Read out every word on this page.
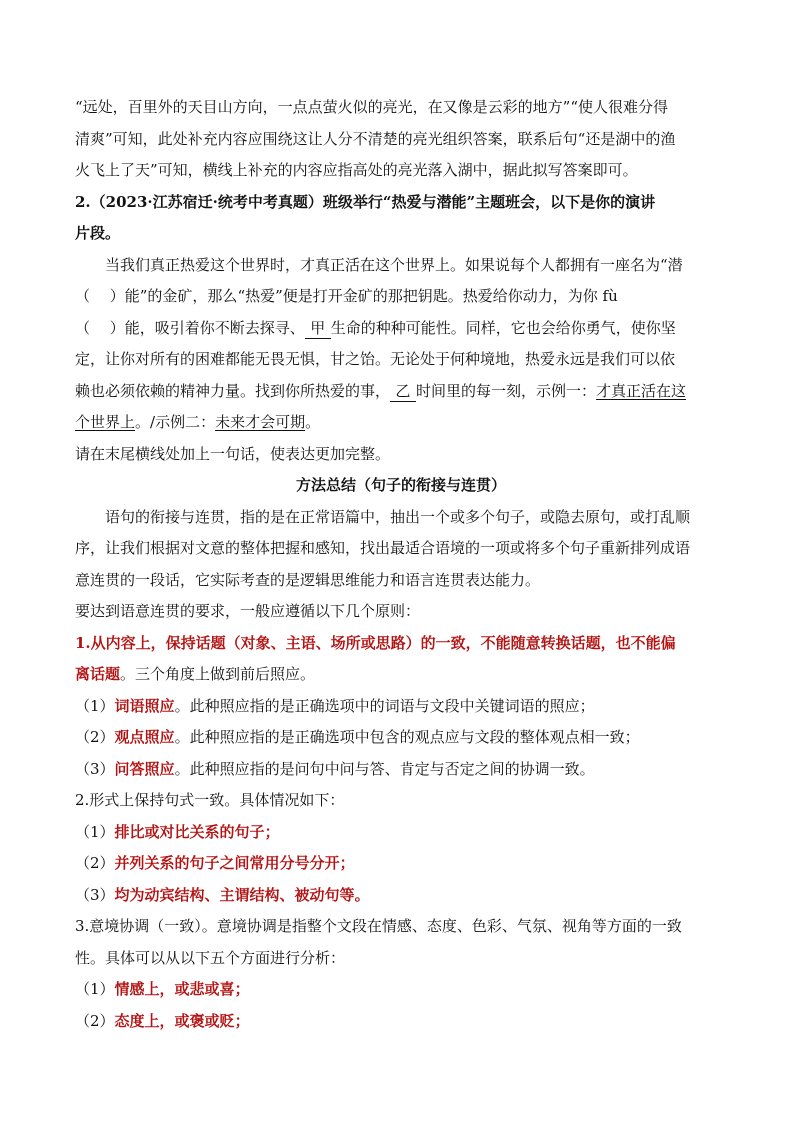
“远处，百里外的天目山方向，一点点萤火似的亮光，在又像是云彩的地方”“使人很难分得

清爽”可知，此处补充内容应围绕这让人分不清楚的亮光组织答案，联系后句“还是湖中的渔

火飞上了天”可知，横线上补充的内容应指高处的亮光落入湖中，据此拟写答案即可。

2.（2023·江苏宿迁·统考中考真题）班级举行“热爱与潜能”主题班会，以下是你的演讲

片段。

当我们真正热爱这个世界时，才真正活在这个世界上。如果说每个人都拥有一座名为“潜

（　 ）能”的金矿，那么“热爱”便是打开金矿的那把钥匙。热爱给你动力，为你 fù

（　 ）能，吸引着你不断去探寻、 甲 生命的种种可能性。同样，它也会给你勇气，使你坚

定，让你对所有的困难都能无畏无惧，甘之饴。无论处于何种境地，热爱永远是我们可以依

赖也必须依赖的精神力量。找到你所热爱的事， 乙 时间里的每一刻，示例一：才真正活在这

个世界上。/示例二：未来才会可期。

请在末尾横线处加上一句话，使表达更加完整。

方法总结（句子的衔接与连贯）

语句的衔接与连贯，指的是在正常语篇中，抽出一个或多个句子，或隐去原句，或打乱顺

序，让我们根据对文意的整体把握和感知，找出最适合语境的一项或将多个句子重新排列成语

意连贯的一段话，它实际考查的是逻辑思维能力和语言连贯表达能力。

要达到语意连贯的要求，一般应遵循以下几个原则：

1.从内容上，保持话题（对象、主语、场所或思路）的一致，不能随意转换话题，也不能偏

离话题。三个角度上做到前后照应。

（1）词语照应。此种照应指的是正确选项中的词语与文段中关键词语的照应；

（2）观点照应。此种照应指的是正确选项中包含的观点应与文段的整体观点相一致；

（3）问答照应。此种照应指的是问句中问与答、肯定与否定之间的协调一致。

2.形式上保持句式一致。具体情况如下：

（1）排比或对比关系的句子；

（2）并列关系的句子之间常用分号分开；

（3）均为动宾结构、主谓结构、被动句等。

3.意境协调（一致）。意境协调是指整个文段在情感、态度、色彩、气氛、视角等方面的一致

性。具体可以从以下五个方面进行分析：

（1）情感上，或悲或喜；

（2）态度上，或褒或贬；
